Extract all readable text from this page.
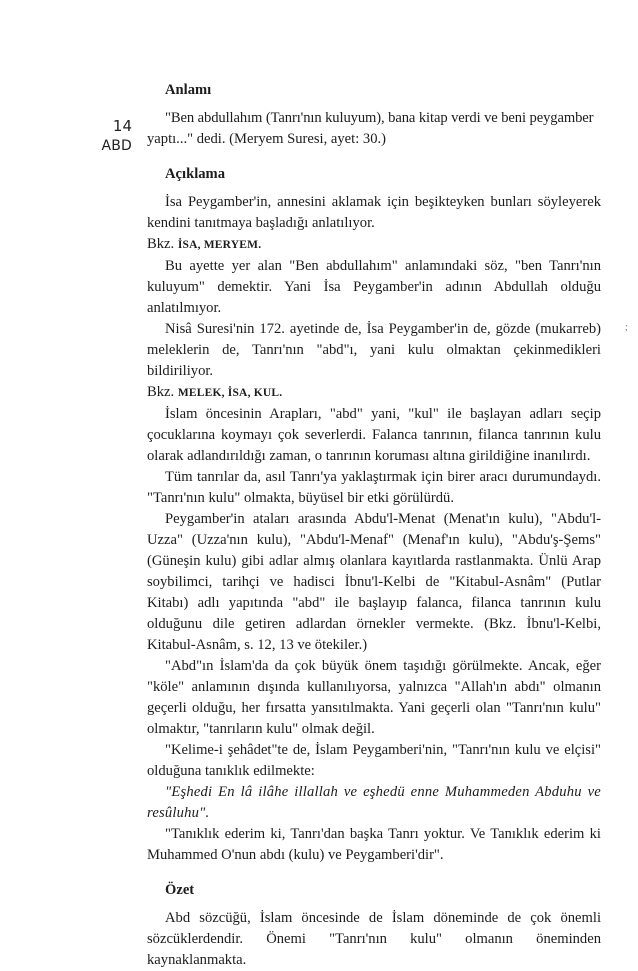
14
ABD
;
Anlamı

"Ben abdullahım (Tanrı'nın kuluyum), bana kitap verdi ve beni peygamber

yaptı..." dedi. (Meryem Suresi, ayet: 30.)

Açıklama

İsa Peygamber'in, annesini aklamak için beşikteyken bunları söyleyerek kendini tanıtmaya başladığı anlatılıyor.

Bkz. İSA, MERYEM.

Bu ayette yer alan "Ben abdullahım" anlamındaki söz, "ben Tanrı'nın kuluyum" demektir. Yani İsa Peygamber'in adının Abdullah olduğu anlatılmıyor.

Nisâ Suresi'nin 172. ayetinde de, İsa Peygamber'in de, gözde (mukarreb) meleklerin de, Tanrı'nın "abd"ı, yani kulu olmaktan çekinmedikleri bildiriliyor.

Bkz. MELEK, İSA, KUL.

İslam öncesinin Arapları, "abd" yani, "kul" ile başlayan adları seçip çocuklarına koymayı çok severlerdi. Falanca tanrının, filanca tanrının kulu olarak adlandırıldığı zaman, o tanrının koruması altına girildiğine inanılırdı.

Tüm tanrılar da, asıl Tanrı'ya yaklaştırmak için birer aracı durumundaydı. "Tanrı'nın kulu" olmakta, büyüsel bir etki görülürdü.

Peygamber'in ataları arasında Abdu'l-Menat (Menat'ın kulu), "Abdu'l-Uzza" (Uzza'nın kulu), "Abdu'l-Menaf" (Menaf'ın kulu), "Abdu'ş-Şems" (Güneşin kulu) gibi adlar almış olanlara kayıtlarda rastlanmakta. Ünlü Arap soybilimci, tarihçi ve hadisci İbnu'l-Kelbi de "Kitabul-Asnâm" (Putlar Kitabı) adlı yapıtında "abd" ile başlayıp falanca, filanca tanrının kulu olduğunu dile getiren adlardan örnekler vermekte. (Bkz. İbnu'l-Kelbi, Kitabul-Asnâm, s. 12, 13 ve ötekiler.)

"Abd"ın İslam'da da çok büyük önem taşıdığı görülmekte. Ancak, eğer "köle" anlamının dışında kullanılıyorsa, yalnızca "Allah'ın abdı" olmanın geçerli olduğu, her fırsatta yansıtılmakta. Yani geçerli olan "Tanrı'nın kulu" olmaktır, "tanrıların kulu" olmak değil.

"Kelime-i şehâdet"te de, İslam Peygamberi'nin, "Tanrı'nın kulu ve elçisi" olduğuna tanıklık edilmekte:

"Eşhedi En lâ ilâhe illallah ve eşhedü enne Muhammeden Abduhu ve resûluhu".

"Tanıklık ederim ki, Tanrı'dan başka Tanrı yoktur. Ve Tanıklık ederim ki Muhammed O'nun abdı (kulu) ve Peygamberi'dir".

Özet

Abd sözcüğü, İslam öncesinde de İslam döneminde de çok önemli sözcüklerdendir. Önemi "Tanrı'nın kulu" olmanın öneminden kaynaklanmakta.
